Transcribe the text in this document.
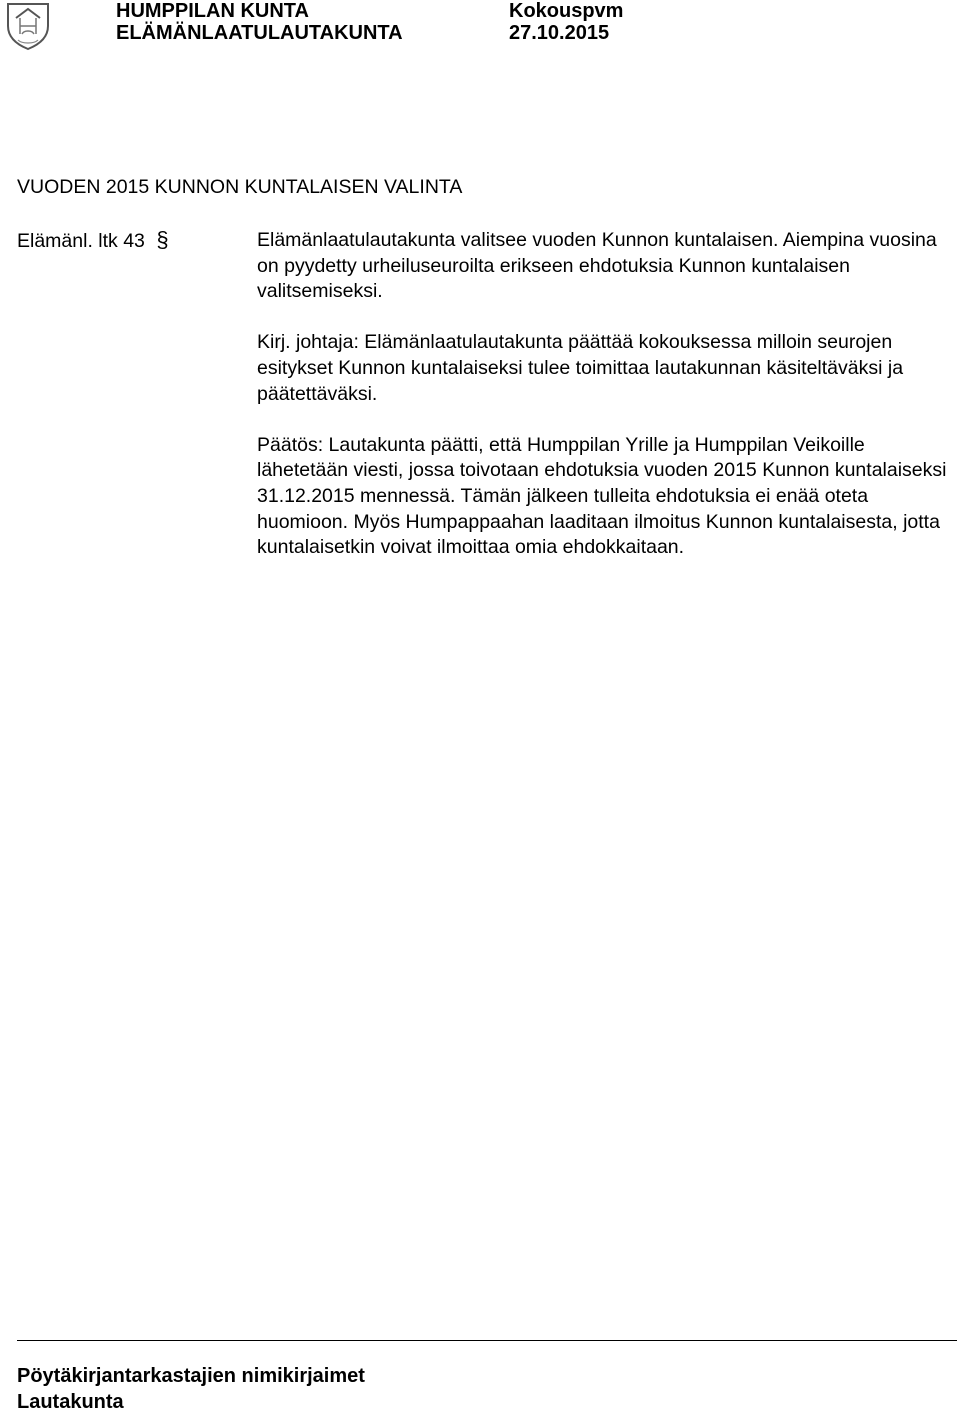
HUMPPILAN KUNTA
ELÄMÄNLAATULAUTAKUNTA
Kokouspvm
27.10.2015
VUODEN 2015 KUNNON KUNTALAISEN VALINTA
Elämänl. ltk 43 §	Elämänlaatulautakunta valitsee vuoden Kunnon kuntalaisen. Aiempina vuosina on pyydetty urheiluseuroilta erikseen ehdotuksia Kunnon kuntalaisen valitsemiseksi.

Kirj. johtaja: Elämänlaatulautakunta päättää kokouksessa milloin seurojen esitykset Kunnon kuntalaiseksi tulee toimittaa lautakunnan käsiteltäväksi ja päätettäväksi.

Päätös: Lautakunta päätti, että Humppilan Yrille ja Humppilan Veikoille lähetetään viesti, jossa toivotaan ehdotuksia vuoden 2015 Kunnon kuntalaiseksi 31.12.2015 mennessä. Tämän jälkeen tulleita ehdotuksia ei enää oteta huomioon. Myös Humpappaahan laaditaan ilmoitus Kunnon kuntalaisesta, jotta kuntalaisetkin voivat ilmoittaa omia ehdokkaitaan.

Pöytäkirjantarkastajien nimikirjaimet
Lautakunta
